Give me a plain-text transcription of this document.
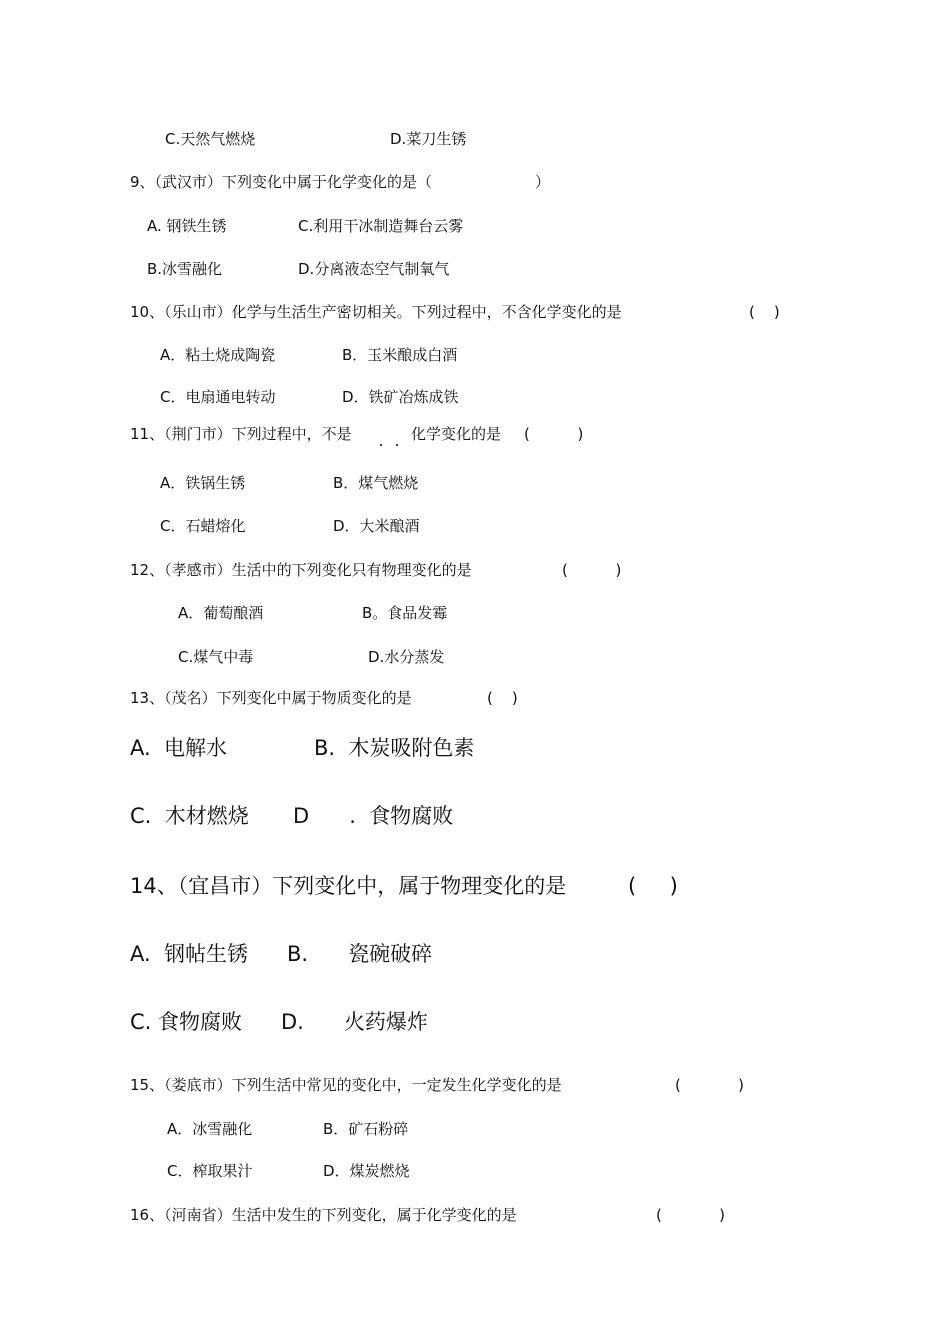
C.天然气燃烧	D.菜刀生锈
9、（武汉市）下列变化中属于化学变化的是（	）
A. 钢铁生锈	C.利用干冰制造舞台云雾
B.冰雪融化	D.分离液态空气制氧气
10、（乐山市）化学与生活生产密切相关。下列过程中，不含化学变化的是	(    )
A．粘土烧成陶瓷	B．玉米酿成白酒
C．电扇通电转动	D．铁矿冶炼成铁
11、（荆门市）下列过程中，不是	化学变化的是 (          )
A．铁锅生锈	B．煤气燃烧
C．石蜡熔化	D．大米酿酒
12、（孝感市）生活中的下列变化只有物理变化的是	(          )
A．葡萄酿酒	B。食品发霉
C.煤气中毒	D.水分蒸发
13、（茂名）下列变化中属于物质变化的是	(    )
A.  电解水	B.  木炭吸附色素
C.  木材燃烧 D      .  食物腐败
14、（宜昌市）下列变化中，属于物理变化的是	(     )
A.  钢帖生锈 B.      瓷碗破碎
C. 食物腐败 D.      火药爆炸
15、（娄底市）下列生活中常见的变化中，一定发生化学变化的是	(            )
A．冰雪融化	B．矿石粉碎
C．榨取果汁	D．煤炭燃烧
16、（河南省）生活中发生的下列变化，属于化学变化的是	(            )
